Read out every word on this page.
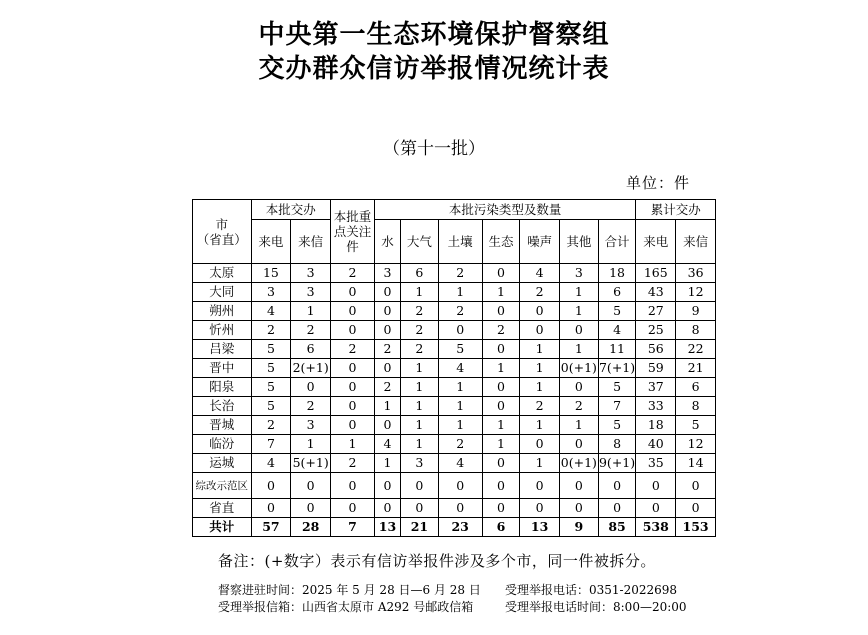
中央第一生态环境保护督察组
交办群众信访举报情况统计表
（第十一批）
单位：件
市
（省直）	本批交办		本批重点关注件	本批污染类型及数量							累计交办	
	来电	来信		水	大气	土壤	生态	噪声	其他	合计	来电	来信
太原	15	3	2	3	6	2	0	4	3	18	165	36
大同	3	3	0	0	1	1	1	2	1	6	43	12
朔州	4	1	0	0	2	2	0	0	1	5	27	9
忻州	2	2	0	0	2	0	2	0	0	4	25	8
吕梁	5	6	2	2	2	5	0	1	1	11	56	22
晋中	5	2(+1)	0	0	1	4	1	1	0(+1)	7(+1)	59	21
阳泉	5	0	0	2	1	1	0	1	0	5	37	6
长治	5	2	0	1	1	1	0	2	2	7	33	8
晋城	2	3	0	0	1	1	1	1	1	5	18	5
临汾	7	1	1	4	1	2	1	0	0	8	40	12
运城	4	5(+1)	2	1	3	4	0	1	0(+1)	9(+1)	35	14
综改示范区	0	0	0	0	0	0	0	0	0	0	0	0
省直	0	0	0	0	0	0	0	0	0	0	0	0
共计	57	28	7	13	21	23	6	13	9	85	538	153
备注：(+数字）表示有信访举报件涉及多个市，同一件被拆分。
督察进驻时间：2025 年 5 月 28 日—6 月 28 日 受理举报电话：0351-2022698
受理举报信箱：山西省太原市 A292 号邮政信箱	受理举报电话时间：8:00—20:00
